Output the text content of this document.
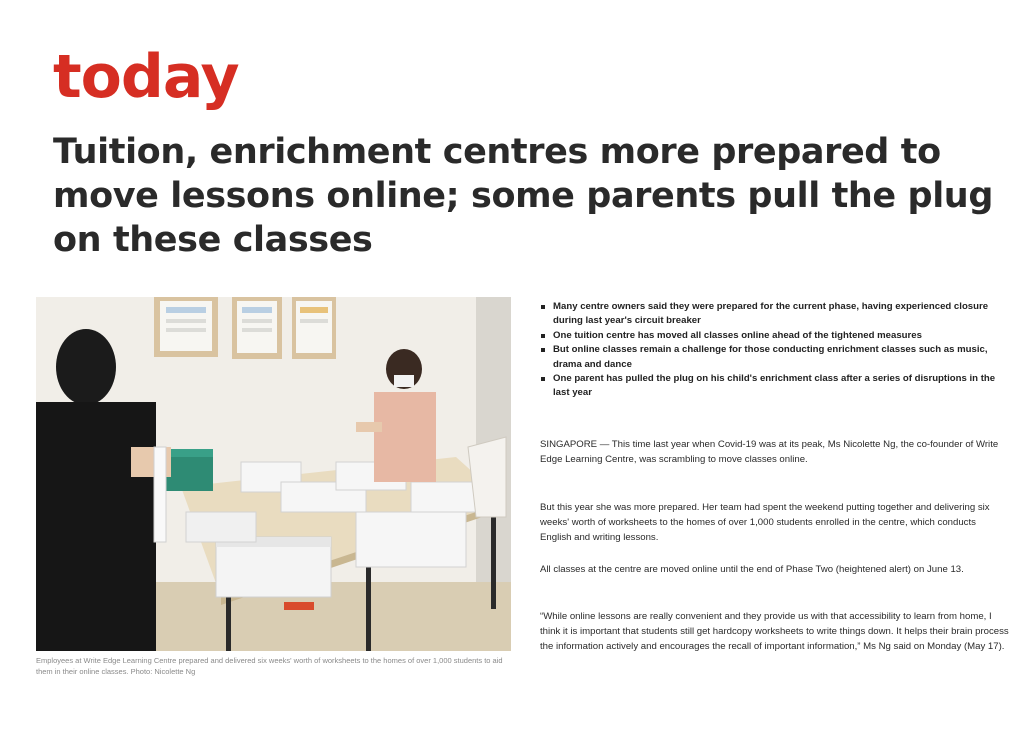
today
Tuition, enrichment centres more prepared to move lessons online; some parents pull the plug on these classes

Employees at Write Edge Learning Centre prepared and delivered six weeks' worth of worksheets to the homes of over 1,000 students to aid them in their online classes. Photo: Nicolette Ng

Many centre owners said they were prepared for the current phase, having experienced closure during last year's circuit breaker
One tuition centre has moved all classes online ahead of the tightened measures
But online classes remain a challenge for those conducting enrichment classes such as music, drama and dance
One parent has pulled the plug on his child's enrichment class after a series of disruptions in the last year

SINGAPORE — This time last year when Covid-19 was at its peak, Ms Nicolette Ng, the co-founder of Write Edge Learning Centre, was scrambling to move classes online.

But this year she was more prepared. Her team had spent the weekend putting together and delivering six weeks' worth of worksheets to the homes of over 1,000 students enrolled in the centre, which conducts English and writing lessons.

All classes at the centre are moved online until the end of Phase Two (heightened alert) on June 13.

“While online lessons are really convenient and they provide us with that accessibility to learn from home, I think it is important that students still get hardcopy worksheets to write things down. It helps their brain process the information actively and encourages the recall of important information,” Ms Ng said on Monday (May 17).
